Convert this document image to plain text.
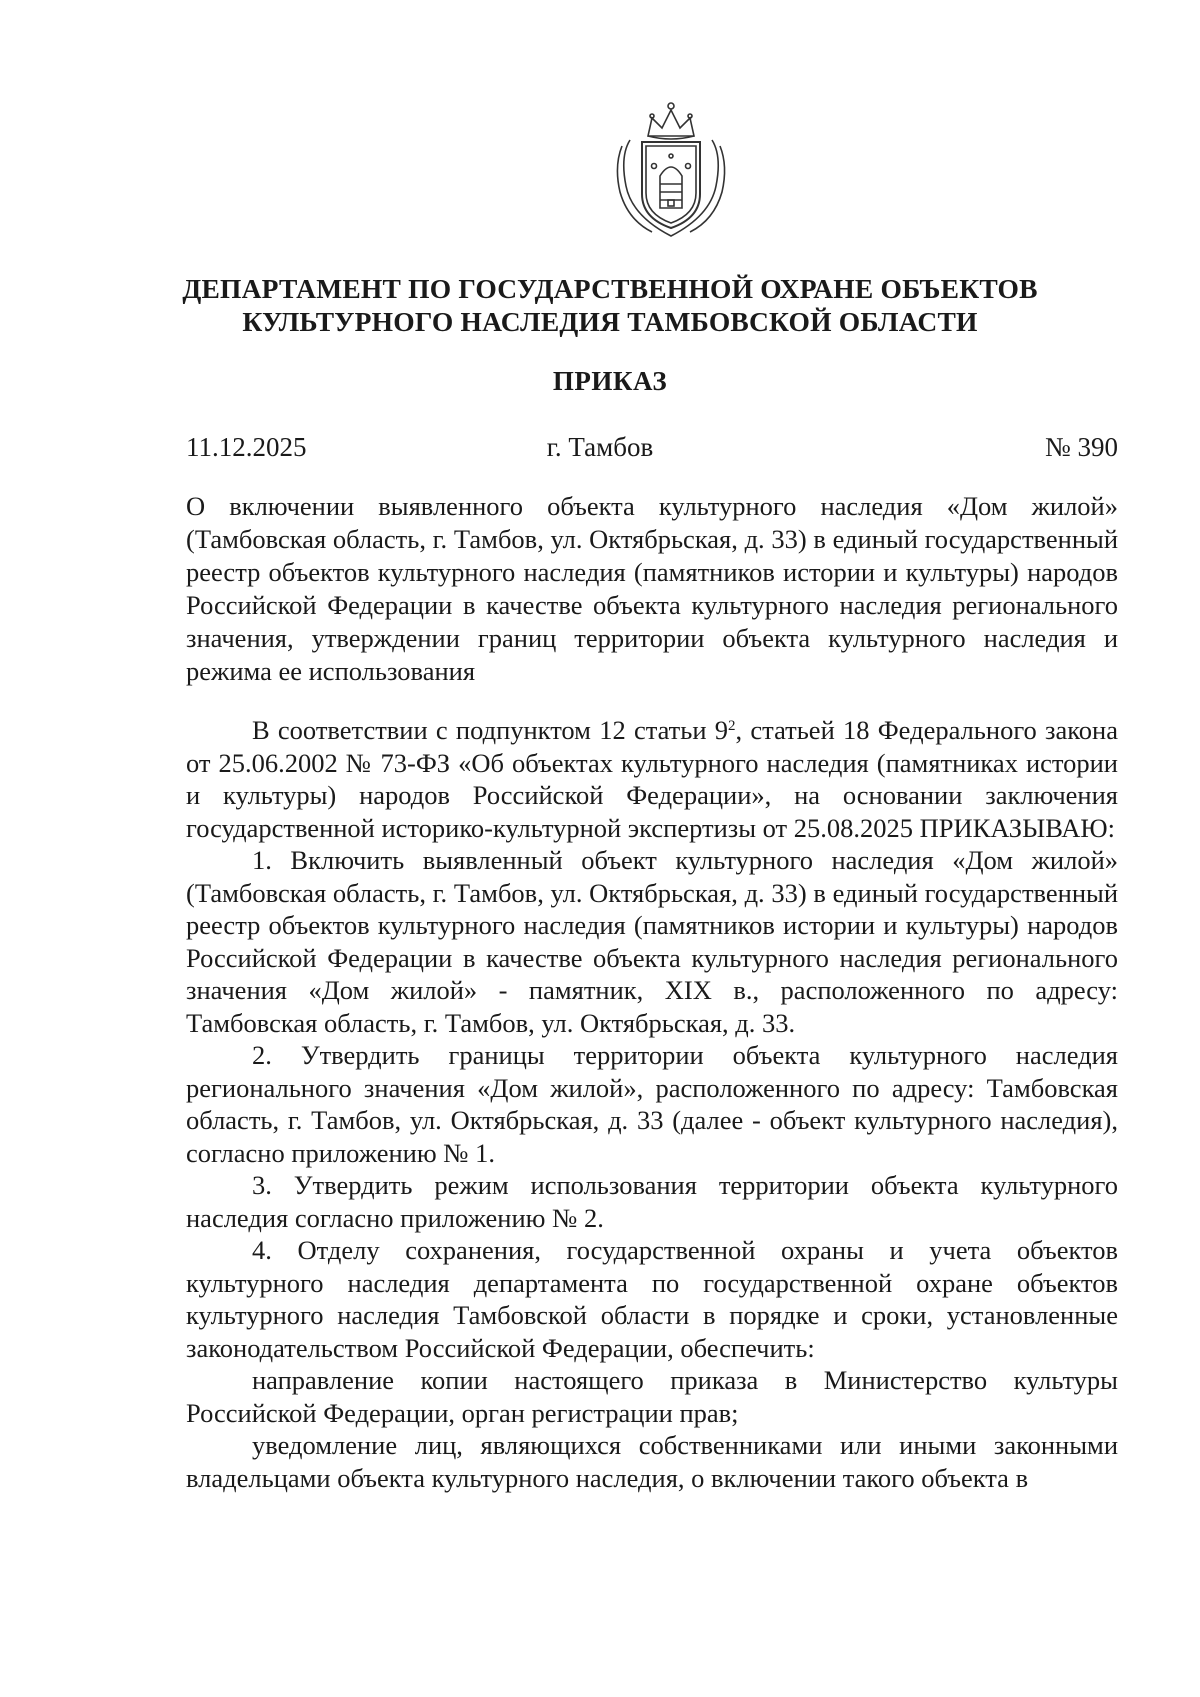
ДЕПАРТАМЕНТ ПО ГОСУДАРСТВЕННОЙ ОХРАНЕ ОБЪЕКТОВ
КУЛЬТУРНОГО НАСЛЕДИЯ ТАМБОВСКОЙ ОБЛАСТИ
ПРИКАЗ
11.12.2025	г. Тамбов	№ 390
О включении выявленного объекта культурного наследия «Дом жилой» (Тамбовская область, г. Тамбов, ул. Октябрьская, д. 33) в единый государственный реестр объектов культурного наследия (памятников истории и культуры) народов Российской Федерации в качестве объекта культурного наследия регионального значения, утверждении границ территории объекта культурного наследия и режима ее использования

В соответствии с подпунктом 12 статьи $9^2$, статьей 18 Федерального закона от 25.06.2002 № 73-ФЗ «Об объектах культурного наследия (памятниках истории и культуры) народов Российской Федерации», на основании заключения государственной историко-культурной экспертизы от 25.08.2025 ПРИКАЗЫВАЮ:

1. Включить выявленный объект культурного наследия «Дом жилой» (Тамбовская область, г. Тамбов, ул. Октябрьская, д. 33) в единый государственный реестр объектов культурного наследия (памятников истории и культуры) народов Российской Федерации в качестве объекта культурного наследия регионального значения «Дом жилой» - памятник, XIX в., расположенного по адресу: Тамбовская область, г. Тамбов, ул. Октябрьская, д. 33.

2. Утвердить границы территории объекта культурного наследия регионального значения «Дом жилой», расположенного по адресу: Тамбовская область, г. Тамбов, ул. Октябрьская, д. 33 (далее - объект культурного наследия), согласно приложению № 1.

3. Утвердить режим использования территории объекта культурного наследия согласно приложению № 2.

4. Отделу сохранения, государственной охраны и учета объектов культурного наследия департамента по государственной охране объектов культурного наследия Тамбовской области в порядке и сроки, установленные законодательством Российской Федерации, обеспечить:

направление копии настоящего приказа в Министерство культуры Российской Федерации, орган регистрации прав;

уведомление лиц, являющихся собственниками или иными законными владельцами объекта культурного наследия, о включении такого объекта в
